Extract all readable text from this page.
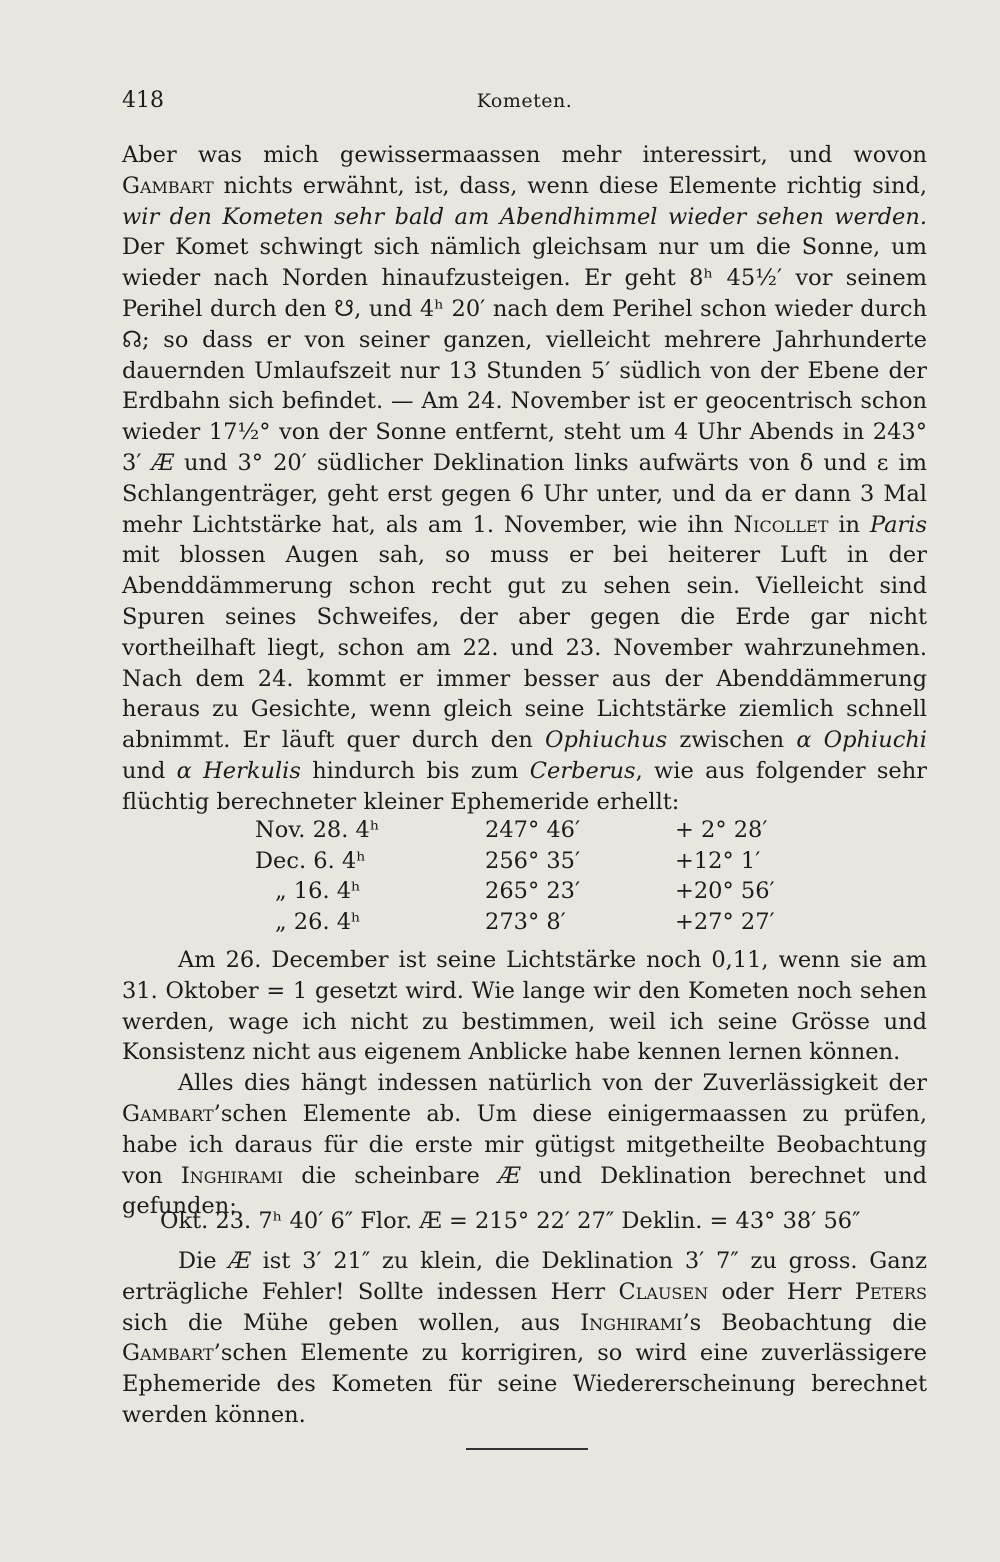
418	Kometen.

Aber was mich gewissermaassen mehr interessirt, und wovon Gambart nichts erwähnt, ist, dass, wenn diese Elemente richtig sind, wir den Kometen sehr bald am Abendhimmel wieder sehen werden. Der Komet schwingt sich nämlich gleichsam nur um die Sonne, um wieder nach Norden hinaufzusteigen. Er geht 8ʰ 45½′ vor seinem Perihel durch den ☋, und 4ʰ 20′ nach dem Perihel schon wieder durch ☊; so dass er von seiner ganzen, vielleicht mehrere Jahrhunderte dauernden Umlaufszeit nur 13 Stunden 5′ südlich von der Ebene der Erdbahn sich befindet. — Am 24. November ist er geocentrisch schon wieder 17½° von der Sonne entfernt, steht um 4 Uhr Abends in 243° 3′ Æ und 3° 20′ südlicher Deklination links aufwärts von δ und ε im Schlangenträger, geht erst gegen 6 Uhr unter, und da er dann 3 Mal mehr Lichtstärke hat, als am 1. November, wie ihn Nicollet in Paris mit blossen Augen sah, so muss er bei heiterer Luft in der Abenddämmerung schon recht gut zu sehen sein. Vielleicht sind Spuren seines Schweifes, der aber gegen die Erde gar nicht vortheilhaft liegt, schon am 22. und 23. November wahrzunehmen. Nach dem 24. kommt er immer besser aus der Abenddämmerung heraus zu Gesichte, wenn gleich seine Lichtstärke ziemlich schnell abnimmt. Er läuft quer durch den Ophiuchus zwischen α Ophiuchi und α Herkulis hindurch bis zum Cerberus, wie aus folgender sehr flüchtig berechneter kleiner Ephemeride erhellt:

Nov. 28. 4ʰ	247° 46′	+ 2° 28′
Dec. 6. 4ʰ	256° 35′	+12° 1′
„ 16. 4ʰ	265° 23′	+20° 56′
„ 26. 4ʰ	273° 8′	+27° 27′

Am 26. December ist seine Lichtstärke noch 0,11, wenn sie am 31. Oktober = 1 gesetzt wird. Wie lange wir den Kometen noch sehen werden, wage ich nicht zu bestimmen, weil ich seine Grösse und Konsistenz nicht aus eigenem Anblicke habe kennen lernen können.

Alles dies hängt indessen natürlich von der Zuverlässigkeit der Gambart’schen Elemente ab. Um diese einigermaassen zu prüfen, habe ich daraus für die erste mir gütigst mitgetheilte Beobachtung von Inghirami die scheinbare Æ und Deklination berechnet und gefunden:

Okt. 23. 7ʰ 40′ 6″ Flor. Æ = 215° 22′ 27″ Deklin. = 43° 38′ 56″

Die Æ ist 3′ 21″ zu klein, die Deklination 3′ 7″ zu gross. Ganz erträgliche Fehler! Sollte indessen Herr Clausen oder Herr Peters sich die Mühe geben wollen, aus Inghirami’s Beobachtung die Gambart’schen Elemente zu korrigiren, so wird eine zuverlässigere Ephemeride des Kometen für seine Wiedererscheinung berechnet werden können.
